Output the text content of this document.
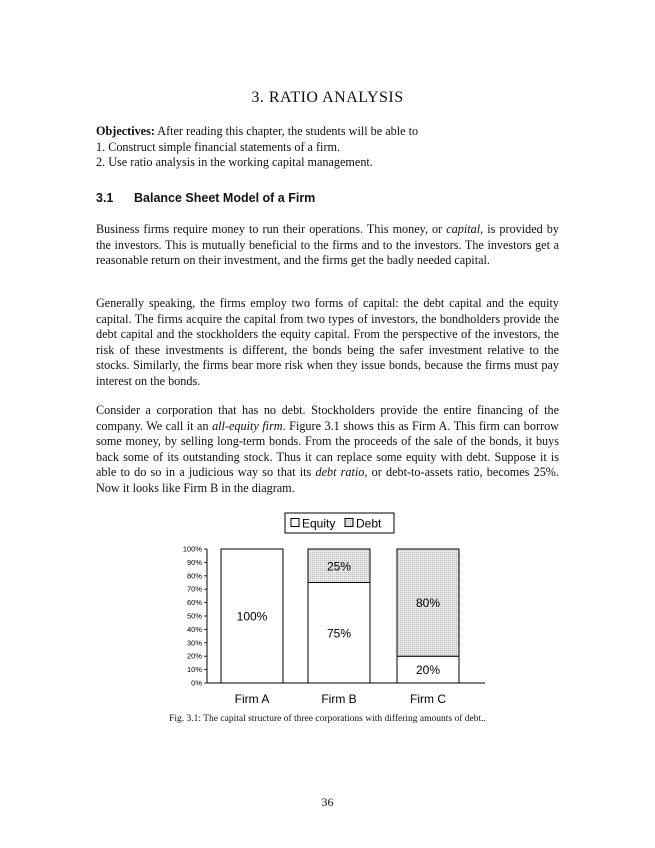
3. RATIO ANALYSIS
Objectives: After reading this chapter, the students will be able to
1. Construct simple financial statements of a firm.
2. Use ratio analysis in the working capital management.
3.1 Balance Sheet Model of a Firm
Business firms require money to run their operations. This money, or capital, is provided by the investors. This is mutually beneficial to the firms and to the investors. The investors get a reasonable return on their investment, and the firms get the badly needed capital.
Generally speaking, the firms employ two forms of capital: the debt capital and the equity capital. The firms acquire the capital from two types of investors, the bondholders provide the debt capital and the stockholders the equity capital. From the perspective of the investors, the risk of these investments is different, the bonds being the safer investment relative to the stocks. Similarly, the firms bear more risk when they issue bonds, because the firms must pay interest on the bonds.
Consider a corporation that has no debt. Stockholders provide the entire financing of the company. We call it an all-equity firm. Figure 3.1 shows this as Firm A. This firm can borrow some money, by selling long-term bonds. From the proceeds of the sale of the bonds, it buys back some of its outstanding stock. Thus it can replace some equity with debt. Suppose it is able to do so in a judicious way so that its debt ratio, or debt-to-assets ratio, becomes 25%. Now it looks like Firm B in the diagram.
0%
10%
20%
30%
40%
50%
60%
70%
80%
90%
100%
100%
Firm A
75%
25%
Firm B
20%
80%
Firm C
Equity Debt
Fig. 3.1: The capital structure of three corporations with differing amounts of debt..
36
